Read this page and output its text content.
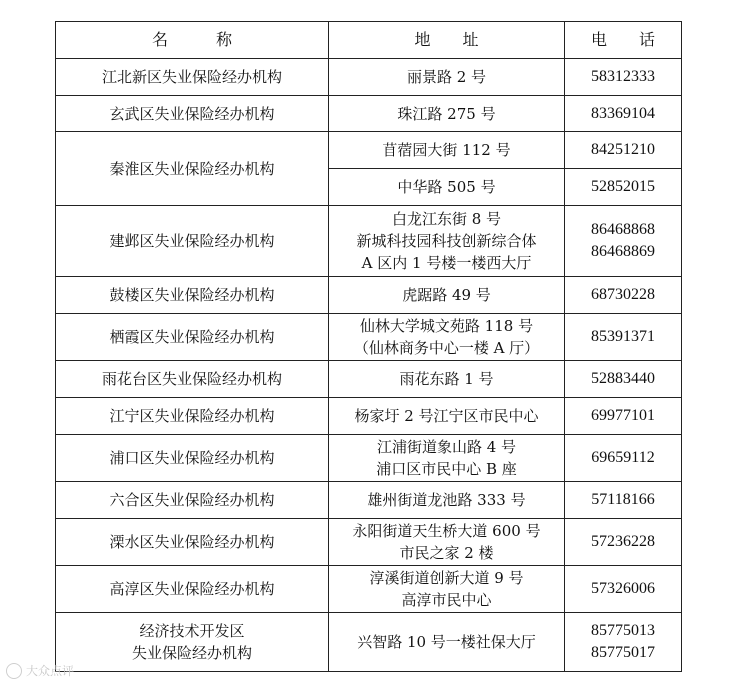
名　　　称	地　　址	电　　话

江北新区失业保险经办机构	丽景路 2 号	58312333

玄武区失业保险经办机构	珠江路 275 号	83369104

秦淮区失业保险经办机构	苜蓿园大街 112 号	84251210

	中华路 505 号	52852015

建邺区失业保险经办机构	白龙江东街 8 号
新城科技园科技创新综合体
A 区内 1 号楼一楼西大厅	86468868
86468869

鼓楼区失业保险经办机构	虎踞路 49 号	68730228

栖霞区失业保险经办机构	仙林大学城文苑路 118 号
（仙林商务中心一楼 A 厅）	85391371

雨花台区失业保险经办机构	雨花东路 1 号	52883440

江宁区失业保险经办机构	杨家圩 2 号江宁区市民中心	69977101

浦口区失业保险经办机构	江浦街道象山路 4 号
浦口区市民中心 B 座	69659112

六合区失业保险经办机构	雄州街道龙池路 333 号	57118166

溧水区失业保险经办机构	永阳街道天生桥大道 600 号
市民之家 2 楼	57236228

高淳区失业保险经办机构	淳溪街道创新大道 9 号
高淳市民中心	57326006

经济技术开发区
失业保险经办机构	兴智路 10 号一楼社保大厅	85775013
85775017
大众点评
